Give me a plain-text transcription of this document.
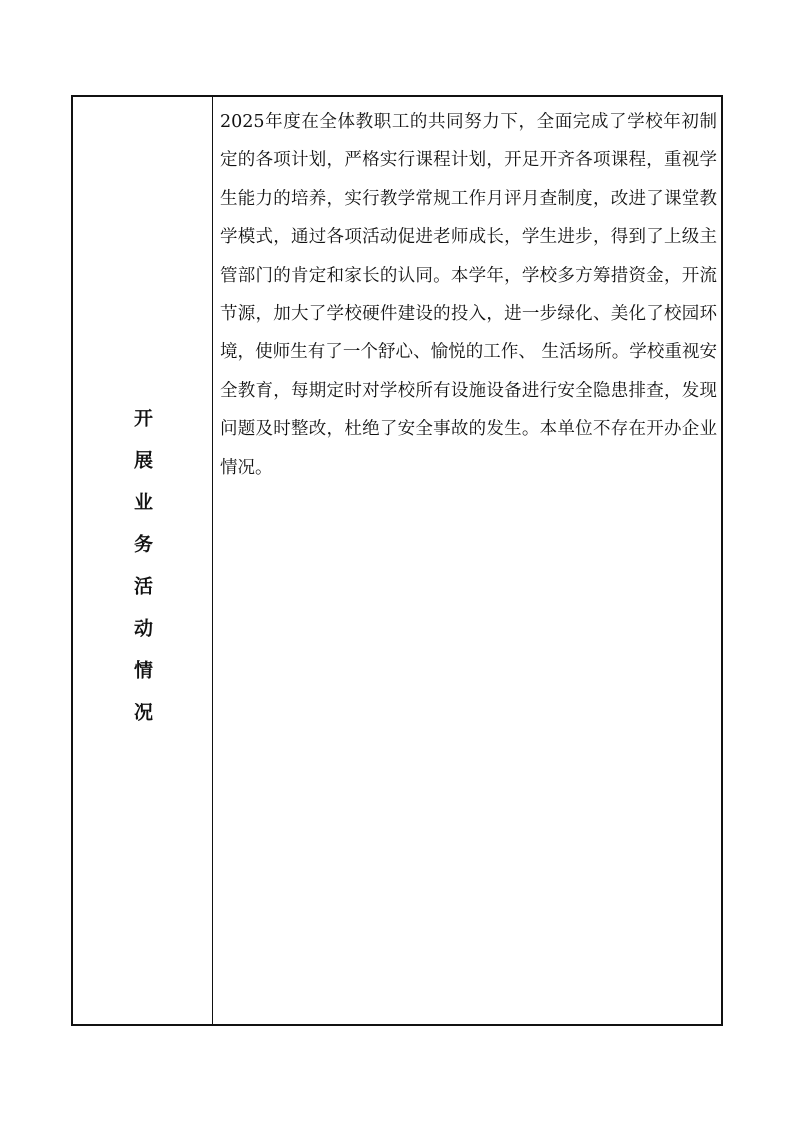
开展业务活动情况

2025年度在全体教职工的共同努力下，全面完成了学校年初制定的各项计划，严格实行课程计划，开足开齐各项课程，重视学生能力的培养，实行教学常规工作月评月查制度，改进了课堂教学模式，通过各项活动促进老师成长，学生进步，得到了上级主管部门的肯定和家长的认同。本学年，学校多方筹措资金，开流节源，加大了学校硬件建设的投入，进一步绿化、美化了校园环境，使师生有了一个舒心、愉悦的工作、 生活场所。学校重视安全教育，每期定时对学校所有设施设备进行安全隐患排查，发现问题及时整改，杜绝了安全事故的发生。本单位不存在开办企业情况。
